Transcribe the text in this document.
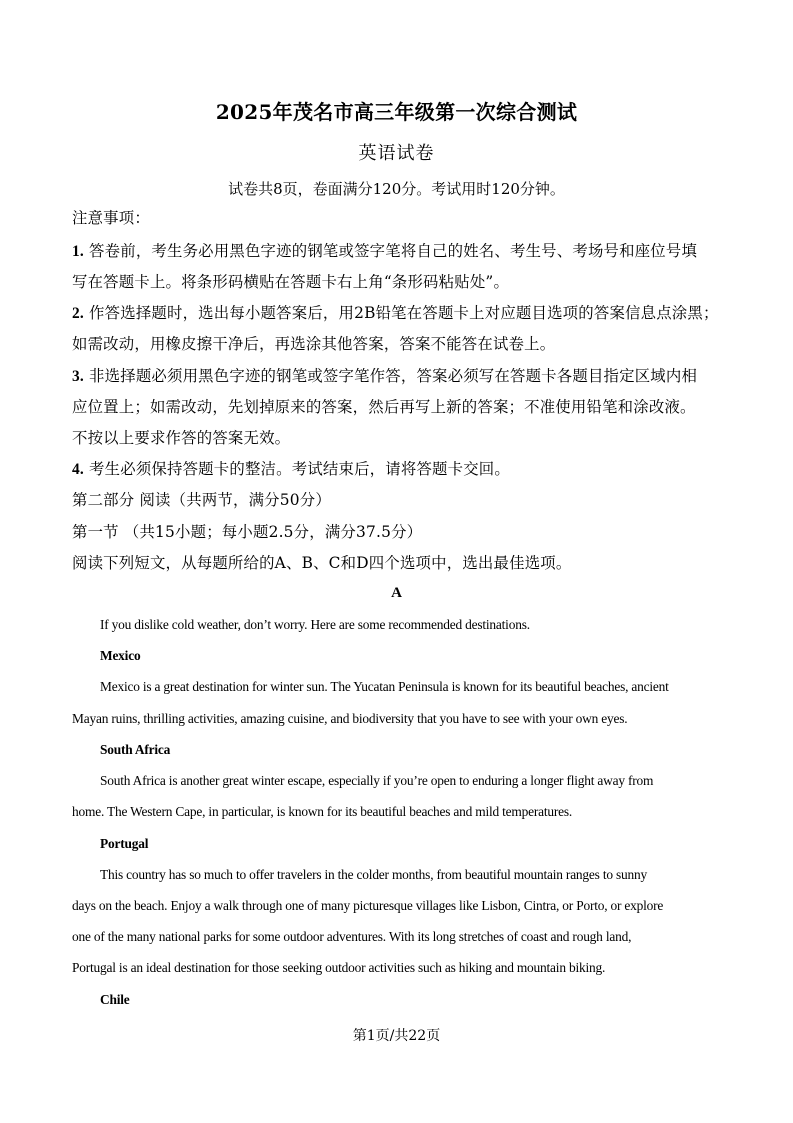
2025年茂名市高三年级第一次综合测试
英语试卷
试卷共8页，卷面满分120分。考试用时120分钟。
注意事项：
1. 答卷前，考生务必用黑色字迹的钢笔或签字笔将自己的姓名、考生号、考场号和座位号填
写在答题卡上。将条形码横贴在答题卡右上角“条形码粘贴处”。
2. 作答选择题时，选出每小题答案后，用2B铅笔在答题卡上对应题目选项的答案信息点涂黑；
如需改动，用橡皮擦干净后，再选涂其他答案，答案不能答在试卷上。
3. 非选择题必须用黑色字迹的钢笔或签字笔作答，答案必须写在答题卡各题目指定区域内相
应位置上；如需改动，先划掉原来的答案，然后再写上新的答案；不准使用铅笔和涂改液。
不按以上要求作答的答案无效。
4. 考生必须保持答题卡的整洁。考试结束后，请将答题卡交回。
第二部分 阅读（共两节，满分50分）
第一节 （共15小题；每小题2.5分，满分37.5分）
阅读下列短文，从每题所给的A、B、C和D四个选项中，选出最佳选项。
A
If you dislike cold weather, don’t worry. Here are some recommended destinations.
Mexico
Mexico is a great destination for winter sun. The Yucatan Peninsula is known for its beautiful beaches, ancient
Mayan ruins, thrilling activities, amazing cuisine, and biodiversity that you have to see with your own eyes.
South Africa
South Africa is another great winter escape, especially if you’re open to enduring a longer flight away from
home. The Western Cape, in particular, is known for its beautiful beaches and mild temperatures.
Portugal
This country has so much to offer travelers in the colder months, from beautiful mountain ranges to sunny
days on the beach. Enjoy a walk through one of many picturesque villages like Lisbon, Cintra, or Porto, or explore
one of the many national parks for some outdoor adventures. With its long stretches of coast and rough land,
Portugal is an ideal destination for those seeking outdoor activities such as hiking and mountain biking.
Chile
第1页/共22页
